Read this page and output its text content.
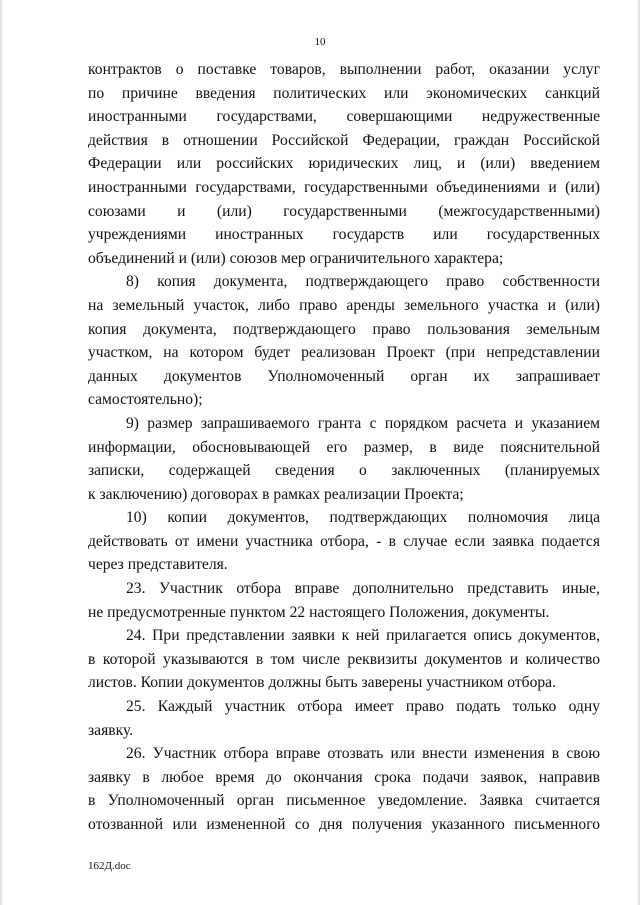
10
контрактов о поставке товаров, выполнении работ, оказании услуг
по причине введения политических или экономических санкций
иностранными государствами, совершающими недружественные
действия в отношении Российской Федерации, граждан Российской
Федерации или российских юридических лиц, и (или) введением
иностранными государствами, государственными объединениями и (или)
союзами и (или) государственными (межгосударственными)
учреждениями иностранных государств или государственных
объединений и (или) союзов мер ограничительного характера;
8) копия документа, подтверждающего право собственности
на земельный участок, либо право аренды земельного участка и (или)
копия документа, подтверждающего право пользования земельным
участком, на котором будет реализован Проект (при непредставлении
данных документов Уполномоченный орган их запрашивает
самостоятельно);
9) размер запрашиваемого гранта с порядком расчета и указанием
информации, обосновывающей его размер, в виде пояснительной
записки, содержащей сведения о заключенных (планируемых
к заключению) договорах в рамках реализации Проекта;
10) копии документов, подтверждающих полномочия лица
действовать от имени участника отбора, - в случае если заявка подается
через представителя.
23. Участник отбора вправе дополнительно представить иные,
не предусмотренные пунктом 22 настоящего Положения, документы.
24. При представлении заявки к ней прилагается опись документов,
в которой указываются в том числе реквизиты документов и количество
листов. Копии документов должны быть заверены участником отбора.
25. Каждый участник отбора имеет право подать только одну
заявку.
26. Участник отбора вправе отозвать или внести изменения в свою
заявку в любое время до окончания срока подачи заявок, направив
в Уполномоченный орган письменное уведомление. Заявка считается
отозванной или измененной со дня получения указанного письменного
162Д.doc
